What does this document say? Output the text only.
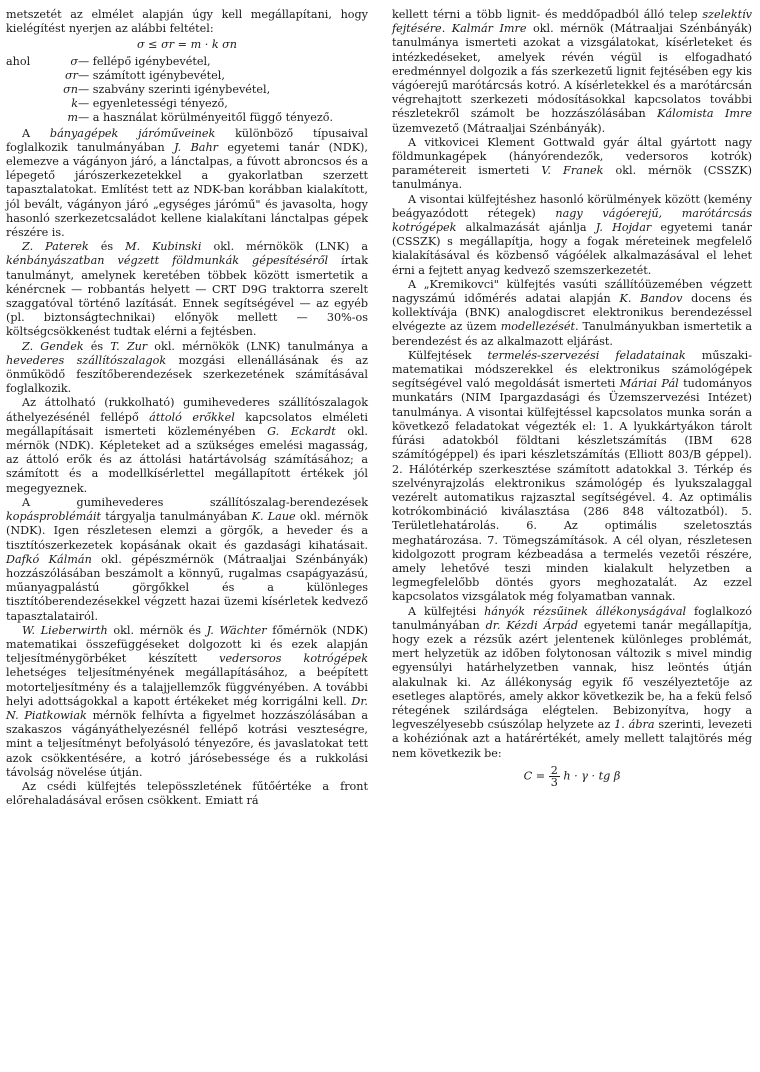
metszetét az elmélet alapján úgy kell megállapítani, hogy kielégítést nyerjen az alábbi feltétel:

σ ≤ σr = m · k σn
ahol	σ	— fellépő igénybevétel,
	σr	— számított igénybevétel,
	σn	— szabvány szerinti igénybevétel,
	k	— egyenletességi tényező,
	m	— a használat körülményeitől függő tényező.

A bányagépek járóműveinek különböző típusaival foglalkozik tanulmányában J. Bahr egyetemi tanár (NDK), elemezve a vágányon járó, a lánctalpas, a fúvott abroncsos és a lépegető járószerkezetekkel a gyakorlatban szerzett tapasztalatokat. Említést tett az NDK-ban korábban kialakított, jól bevált, vágányon járó „egységes járómű" és javasolta, hogy hasonló szerkezetcsaládot kellene kialakítani lánctalpas gépek részére is.

Z. Paterek és M. Kubinski okl. mérnökök (LNK) a kénbányászatban végzett földmunkák gépesítéséről írtak tanulmányt, amelynek keretében többek között ismertetik a kénércnek — robbantás helyett — CRT D9G traktorra szerelt szaggatóval történő lazítását. Ennek segítségével — az egyéb (pl. biztonságtechnikai) előnyök mellett — 30%-os költségcsökkenést tudtak elérni a fejtésben.

Z. Gendek és T. Zur okl. mérnökök (LNK) tanulmánya a hevederes szállítószalagok mozgási ellenállásának és az önműködő feszítőberendezések szerkezetének számításával foglalkozik.

Az áttolható (rukkolható) gumihevederes szállítószalagok áthelyezésénél fellépő áttoló erőkkel kapcsolatos elméleti megállapításait ismerteti közleményében G. Eckardt okl. mérnök (NDK). Képleteket ad a szükséges emelési magasság, az áttoló erők és az áttolási határtávolság számításához; a számított és a modellkísérlettel megállapított értékek jól megegyeznek.

A gumihevederes szállítószalag-berendezések kopásproblémáit tárgyalja tanulmányában K. Laue okl. mérnök (NDK). Igen részletesen elemzi a görgők, a heveder és a tisztítószerkezetek kopásának okait és gazdasági kihatásait. Dafkó Kálmán okl. gépészmérnök (Mátraaljai Szénbányák) hozzászólásában beszámolt a könnyű, rugalmas csapágyazású, műanyagpalástú görgőkkel és a különleges tisztítóberendezésekkel végzett hazai üzemi kísérletek kedvező tapasztalatairól.

W. Lieberwirth okl. mérnök és J. Wächter főmérnök (NDK) matematikai összefüggéseket dolgozott ki és ezek alapján teljesítménygörbéket készített vedersoros kotrógépek lehetséges teljesítményének megállapításához, a beépített motorteljesítmény és a talajjellemzők függvényében. A további helyi adottságokkal a kapott értékeket még korrigálni kell. Dr. N. Piatkowiak mérnök felhívta a figyelmet hozzászólásában a szakaszos vágányáthelyezésnél fellépő kotrási veszteségre, mint a teljesítményt befolyásoló tényezőre, és javaslatokat tett azok csökkentésére, a kotró járósebessége és a rukkolási távolság növelése útján.

Az csédi külfejtés telepösszletének fűtőértéke a front előrehaladásával erősen csökkent. Emiatt rá

kellett térni a több lignit- és meddőpadból álló telep szelektív fejtésére. Kalmár Imre okl. mérnök (Mátraaljai Szénbányák) tanulmánya ismerteti azokat a vizsgálatokat, kísérleteket és intézkedéseket, amelyek révén végül is elfogadható eredménnyel dolgozik a fás szerkezetű lignit fejtésében egy kis vágóerejű marótárcsás kotró. A kísérletekkel és a marótárcsán végrehajtott szerkezeti módosításokkal kapcsolatos további részletekről számolt be hozzászólásában Kálomista Imre üzemvezető (Mátraaljai Szénbányák).

A vitkovicei Klement Gottwald gyár által gyártott nagy földmunkagépek (hányórendezők, vedersoros kotrók) paramétereit ismerteti V. Franek okl. mérnök (CSSZK) tanulmánya.

A visontai külfejtéshez hasonló körülmények között (kemény beágyazódott rétegek) nagy vágóerejű, marótárcsás kotrógépek alkalmazását ajánlja J. Hojdar egyetemi tanár (CSSZK) s megállapítja, hogy a fogak méreteinek megfelelő kialakításával és közbenső vágóélek alkalmazásával el lehet érni a fejtett anyag kedvező szemszerkezetét.

A „Kremikovci" külfejtés vasúti szállítóüzemében végzett nagyszámú időmérés adatai alapján K. Bandov docens és kollektívája (BNK) analogdiscret elektronikus berendezéssel elvégezte az üzem modellezését. Tanulmányukban ismertetik a berendezést és az alkalmazott eljárást.

Külfejtések termelés-szervezési feladatainak műszaki-matematikai módszerekkel és elektronikus számológépek segítségével való megoldását ismerteti Máriai Pál tudományos munkatárs (NIM Ipargazdasági és Üzemszervezési Intézet) tanulmánya. A visontai külfejtéssel kapcsolatos munka során a következő feladatokat végezték el: 1. A lyukkártyákon tárolt fúrási adatokból földtani készletszámítás (IBM 628 számítógéppel) és ipari készletszámítás (Elliott 803/B géppel). 2. Hálótérkép szerkesztése számított adatokkal 3. Térkép és szelvényrajzolás elektronikus számológép és lyukszalaggal vezérelt automatikus rajzasztal segítségével. 4. Az optimális kotrókombináció kiválasztása (286 848 változatból). 5. Területlehatárolás. 6. Az optimális szeletosztás meghatározása. 7. Tömegszámítások. A cél olyan, részletesen kidolgozott program kézbeadása a termelés vezetői részére, amely lehetővé teszi minden kialakult helyzetben a legmegfelelőbb döntés gyors meghozatalát. Az ezzel kapcsolatos vizsgálatok még folyamatban vannak.

A külfejtési hányók rézsűinek állékonyságával foglalkozó tanulmányában dr. Kézdi Árpád egyetemi tanár megállapítja, hogy ezek a rézsűk azért jelentenek különleges problémát, mert helyzetük az időben folytonosan változik s mivel mindig egyensúlyi határhelyzetben vannak, hisz leöntés útján alakulnak ki. Az állékonyság egyik fő veszélyeztetője az esetleges alaptörés, amely akkor következik be, ha a fekü felső rétegének szilárdsága elégtelen. Bebizonyítva, hogy a legveszélyesebb csúszólap helyzete az 1. ábra szerinti, levezeti a kohéziónak azt a határértékét, amely mellett talajtörés még nem következik be:

$C = \frac{2}{3}$ h · γ · tg β
